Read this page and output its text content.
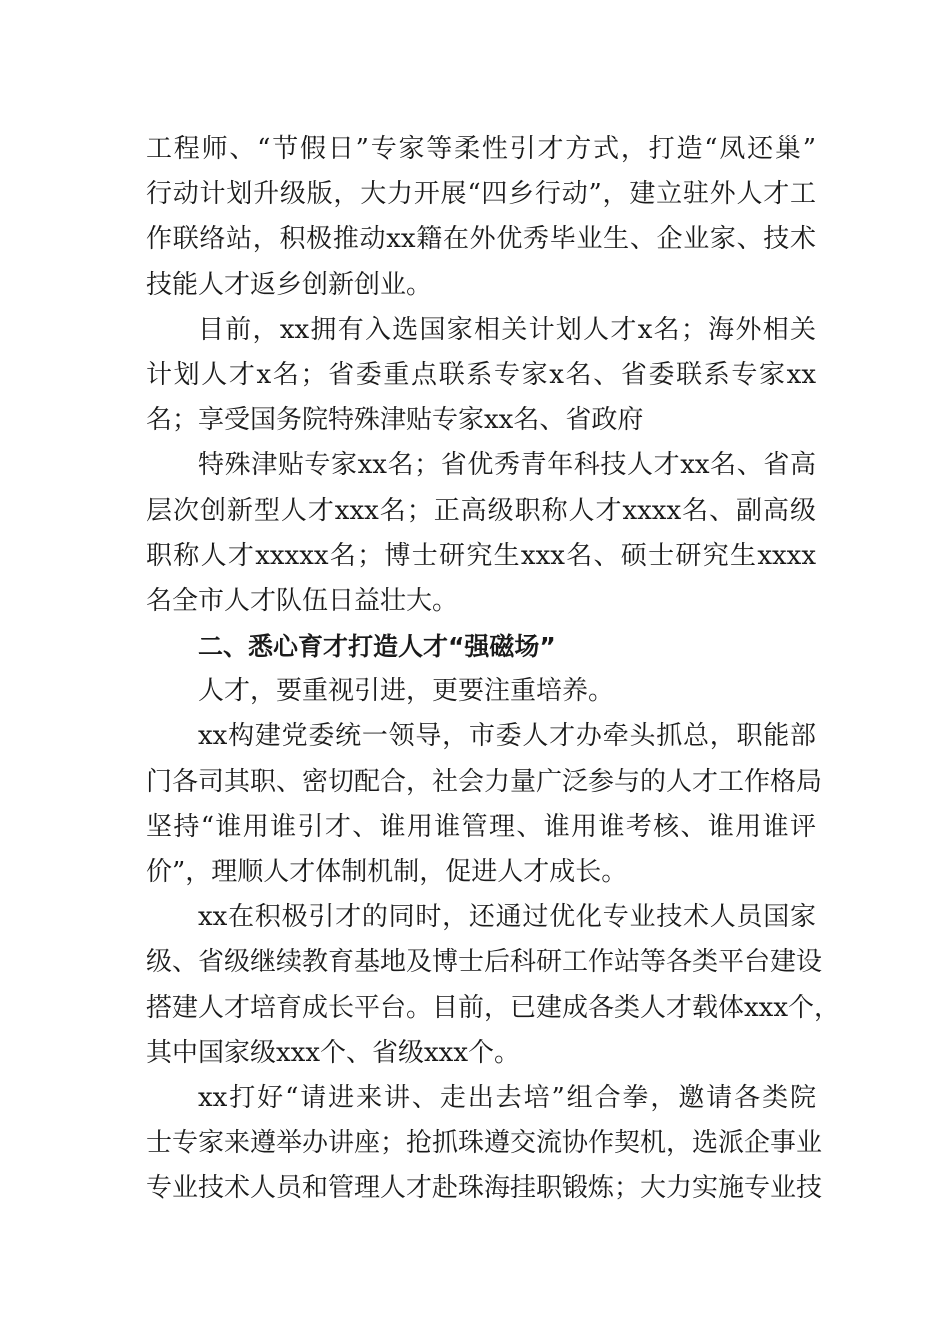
工程师、“节假日”专家等柔性引才方式，打造“凤还巢”
行动计划升级版，大力开展“四乡行动”，建立驻外人才工
作联络站，积极推动xx籍在外优秀毕业生、企业家、技术
技能人才返乡创新创业。
目前，xx拥有入选国家相关计划人才x名；海外相关
计划人才x名；省委重点联系专家x名、省委联系专家xx
名；享受国务院特殊津贴专家xx名、省政府
特殊津贴专家xx名；省优秀青年科技人才xx名、省高
层次创新型人才xxx名；正高级职称人才xxxx名、副高级
职称人才xxxxx名；博士研究生xxx名、硕士研究生xxxx
名全市人才队伍日益壮大。
二、悉心育才打造人才“强磁场”
人才，要重视引进，更要注重培养。
xx构建党委统一领导，市委人才办牵头抓总，职能部
门各司其职、密切配合，社会力量广泛参与的人才工作格局
坚持“谁用谁引才、谁用谁管理、谁用谁考核、谁用谁评
价”，理顺人才体制机制，促进人才成长。
xx在积极引才的同时，还通过优化专业技术人员国家
级、省级继续教育基地及博士后科研工作站等各类平台建设
搭建人才培育成长平台。目前，已建成各类人才载体xxx个，
其中国家级xxx个、省级xxx个。
xx打好“请进来讲、走出去培”组合拳，邀请各类院
士专家来遵举办讲座；抢抓珠遵交流协作契机，选派企事业
专业技术人员和管理人才赴珠海挂职锻炼；大力实施专业技
